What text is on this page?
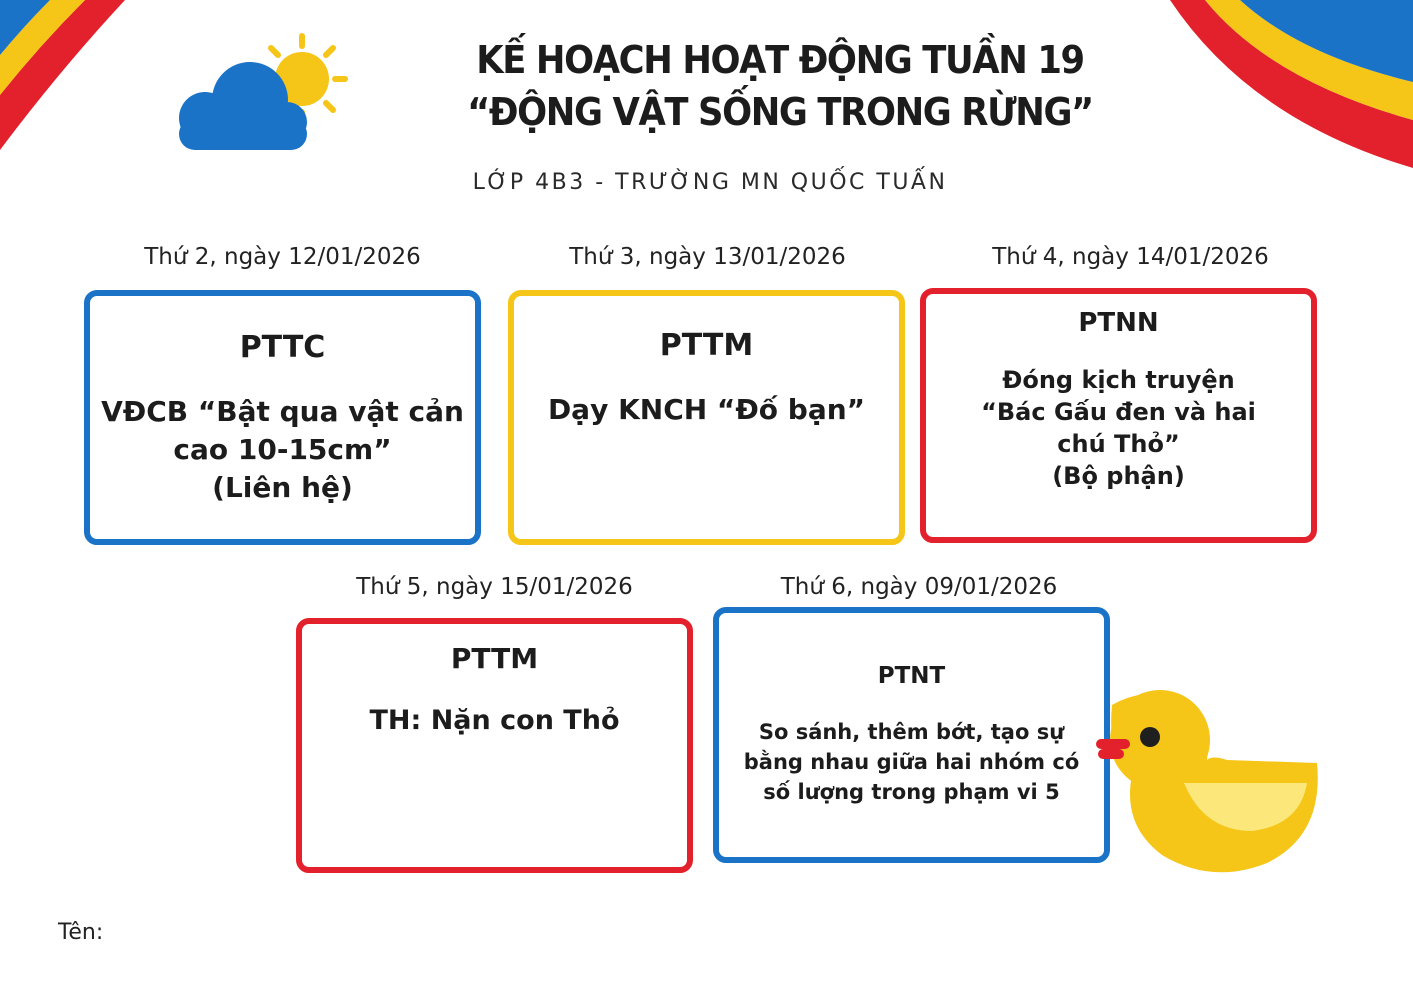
KẾ HOẠCH HOẠT ĐỘNG TUẦN 19
“ĐỘNG VẬT SỐNG TRONG RỪNG”
LỚP 4B3 - TRƯỜNG MN QUỐC TUẤN
Thứ 2, ngày 12/01/2026	Thứ 3, ngày 13/01/2026	Thứ 4, ngày 14/01/2026
Thứ 5, ngày 15/01/2026	Thứ 6, ngày 09/01/2026
PTTC
VĐCB “Bật qua vật cản
cao 10-15cm”
(Liên hệ)
PTTM
Dạy KNCH “Đố bạn”
PTNN
Đóng kịch truyện
“Bác Gấu đen và hai
chú Thỏ”
(Bộ phận)
PTTM
TH: Nặn con Thỏ
PTNT
So sánh, thêm bớt, tạo sự
bằng nhau giữa hai nhóm có
số lượng trong phạm vi 5
Tên:
